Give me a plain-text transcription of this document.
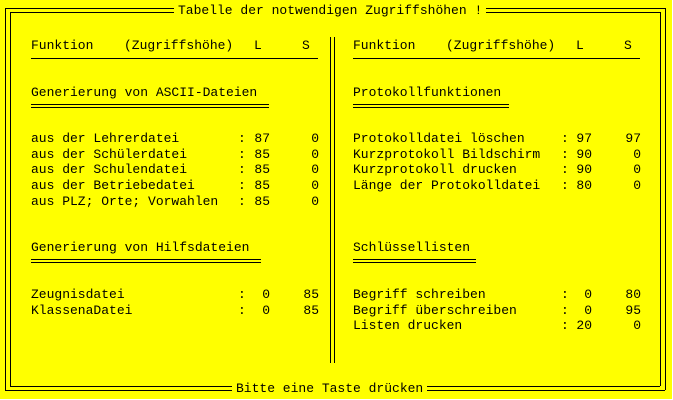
Tabelle der notwendigen Zugriffshöhen !
Bitte eine Taste drücken
Funktion (Zugriffshöhe) L	S
Generierung von ASCII-Dateien
aus der Lehrerdatei	: 87	0
aus der Schülerdatei	: 85	0
aus der Schulendatei	: 85	0
aus der Betriebedatei	: 85	0
aus PLZ; Orte; Vorwahlen : 85	0
Generierung von Hilfsdateien
Zeugnisdatei	:	0	85
KlassenaDatei	:	0	85
Funktion (Zugriffshöhe) L	S
Protokollfunktionen
Protokolldatei löschen	: 97	97
Kurzprotokoll Bildschirm : 90	0
Kurzprotokoll drucken	: 90	0
Länge der Protokolldatei : 80	0
Schlüssellisten
Begriff schreiben	:	0	80
Begriff überschreiben	:	0	95
Listen drucken	: 20	0
